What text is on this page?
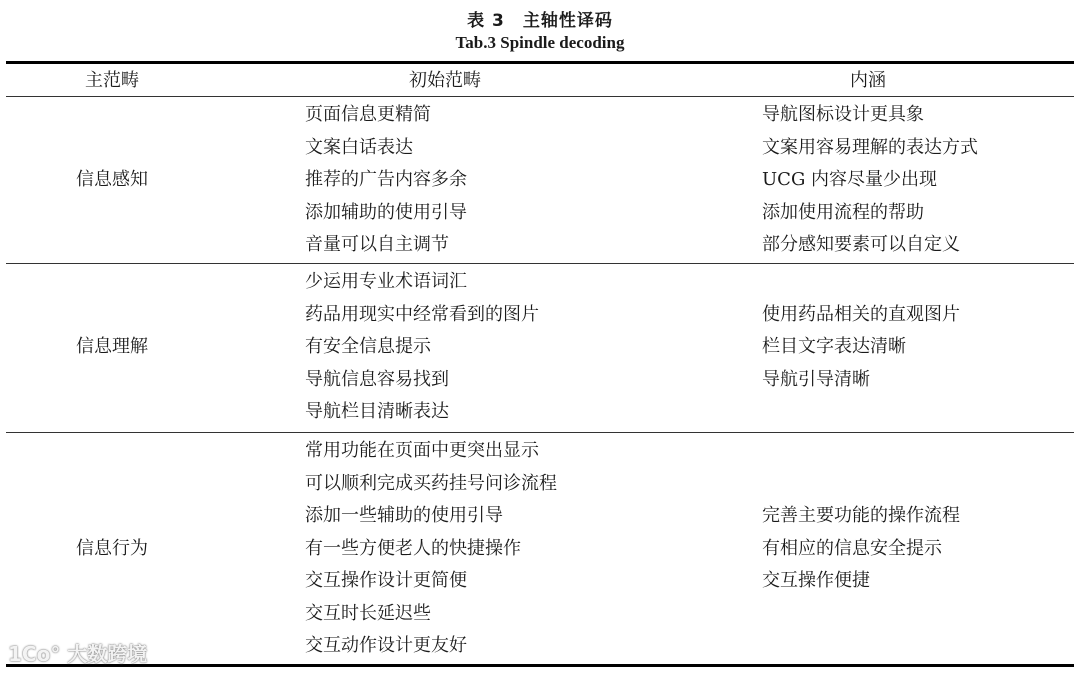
表 3　主轴性译码
Tab.3 Spindle decoding
主范畴	初始范畴	内涵
信息感知
页面信息更精简
文案白话表达
推荐的广告内容多余
添加辅助的使用引导
音量可以自主调节
导航图标设计更具象
文案用容易理解的表达方式
UCG 内容尽量少出现
添加使用流程的帮助
部分感知要素可以自定义
信息理解
少运用专业术语词汇
药品用现实中经常看到的图片
有安全信息提示
导航信息容易找到
导航栏目清晰表达
使用药品相关的直观图片
栏目文字表达清晰
导航引导清晰
信息行为
常用功能在页面中更突出显示
可以顺利完成买药挂号问诊流程
添加一些辅助的使用引导
有一些方便老人的快捷操作
交互操作设计更简便
交互时长延迟些
交互动作设计更友好
完善主要功能的操作流程
有相应的信息安全提示
交互操作便捷
1Co° 大数跨境
